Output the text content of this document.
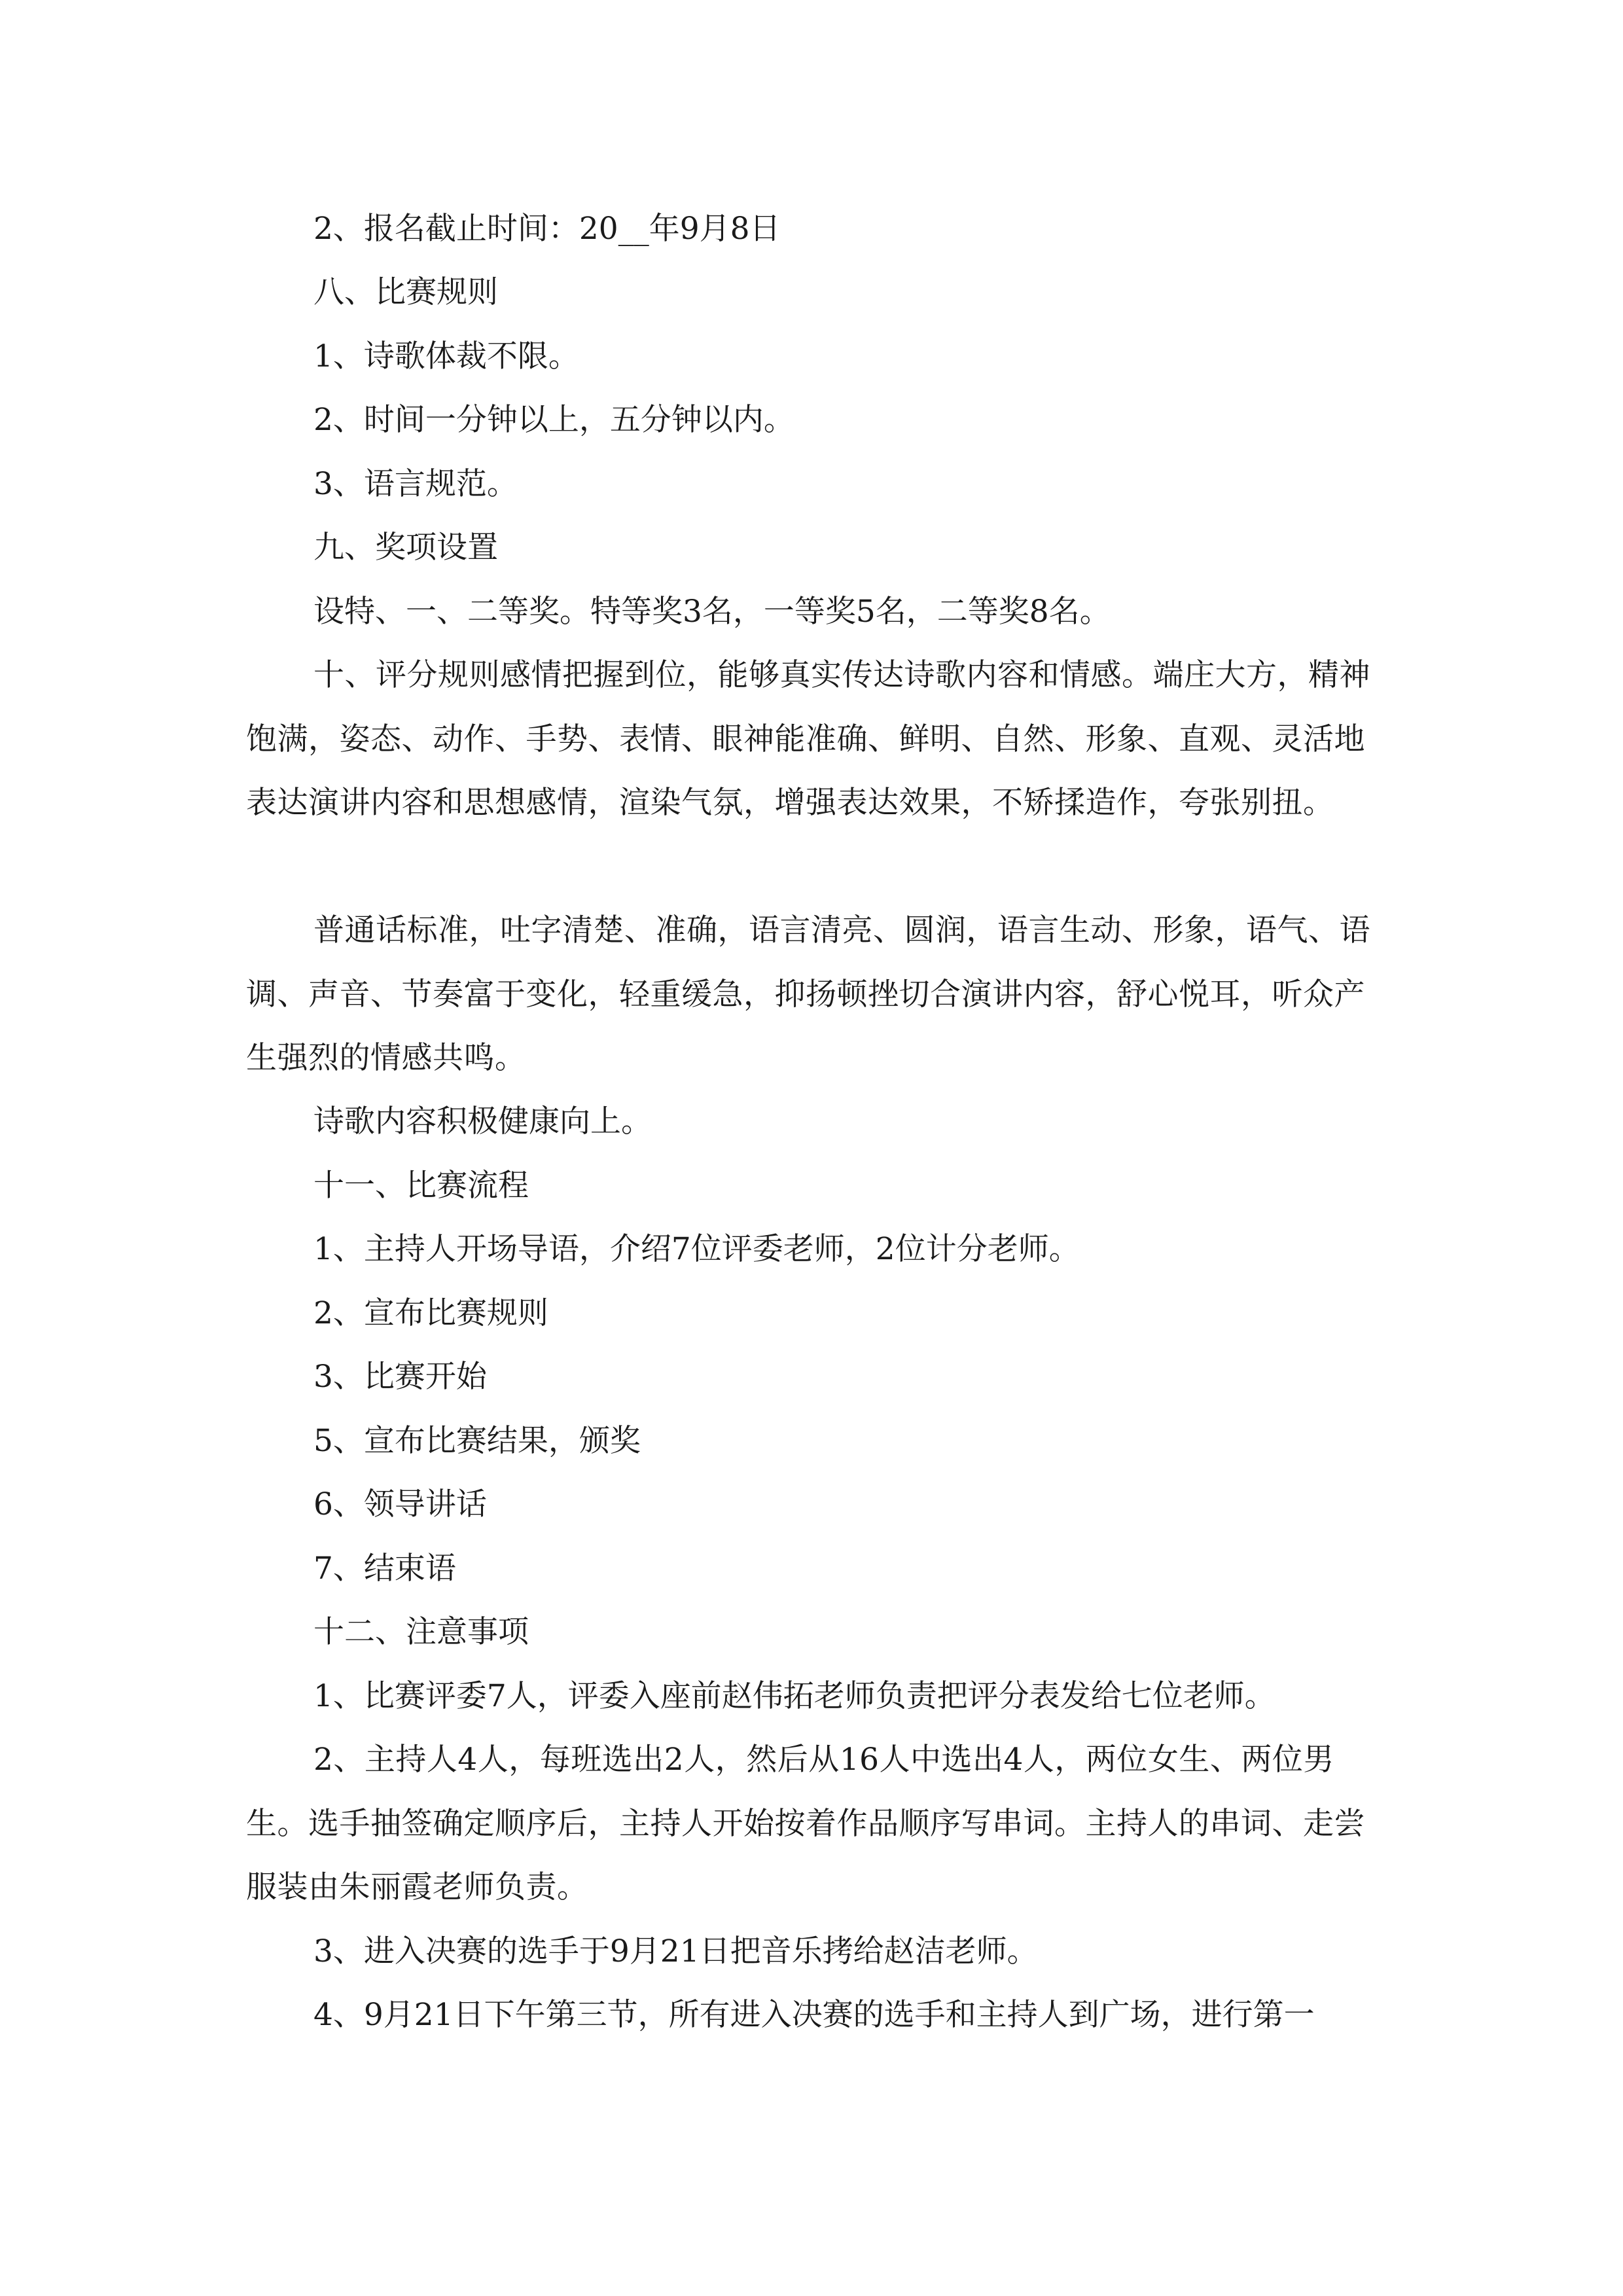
2、报名截止时间：20__年9月8日

八、比赛规则

1、诗歌体裁不限。

2、时间一分钟以上，五分钟以内。

3、语言规范。

九、奖项设置

设特、一、二等奖。特等奖3名，一等奖5名，二等奖8名。

十、评分规则感情把握到位，能够真实传达诗歌内容和情感。端庄大方，精神饱满，姿态、动作、手势、表情、眼神能准确、鲜明、自然、形象、直观、灵活地表达演讲内容和思想感情，渲染气氛，增强表达效果，不矫揉造作，夸张别扭。

普通话标准，吐字清楚、准确，语言清亮、圆润，语言生动、形象，语气、语调、声音、节奏富于变化，轻重缓急，抑扬顿挫切合演讲内容，舒心悦耳，听众产生强烈的情感共鸣。

诗歌内容积极健康向上。

十一、比赛流程

1、主持人开场导语，介绍7位评委老师，2位计分老师。

2、宣布比赛规则

3、比赛开始

5、宣布比赛结果，颁奖

6、领导讲话

7、结束语

十二、注意事项

1、比赛评委7人，评委入座前赵伟拓老师负责把评分表发给七位老师。

2、主持人4人，每班选出2人，然后从16人中选出4人，两位女生、两位男生。选手抽签确定顺序后，主持人开始按着作品顺序写串词。主持人的串词、走尝服装由朱丽霞老师负责。

3、进入决赛的选手于9月21日把音乐拷给赵洁老师。

4、9月21日下午第三节，所有进入决赛的选手和主持人到广场，进行第一
